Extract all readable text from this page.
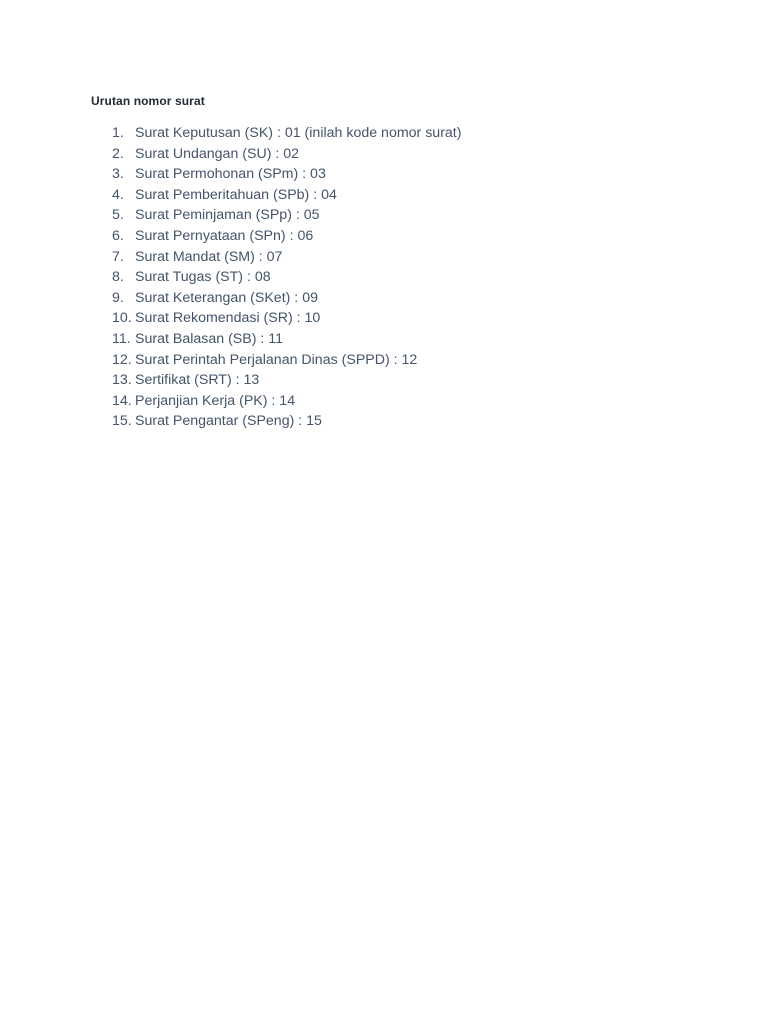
Urutan nomor surat
1. Surat Keputusan (SK) : 01 (inilah kode nomor surat)
2. Surat Undangan (SU) : 02
3. Surat Permohonan (SPm) : 03
4. Surat Pemberitahuan (SPb) : 04
5. Surat Peminjaman (SPp) : 05
6. Surat Pernyataan (SPn) : 06
7. Surat Mandat (SM) : 07
8. Surat Tugas (ST) : 08
9. Surat Keterangan (SKet) : 09
10. Surat Rekomendasi (SR) : 10
11. Surat Balasan (SB) : 11
12. Surat Perintah Perjalanan Dinas (SPPD) : 12
13. Sertifikat (SRT) : 13
14. Perjanjian Kerja (PK) : 14
15. Surat Pengantar (SPeng) : 15
